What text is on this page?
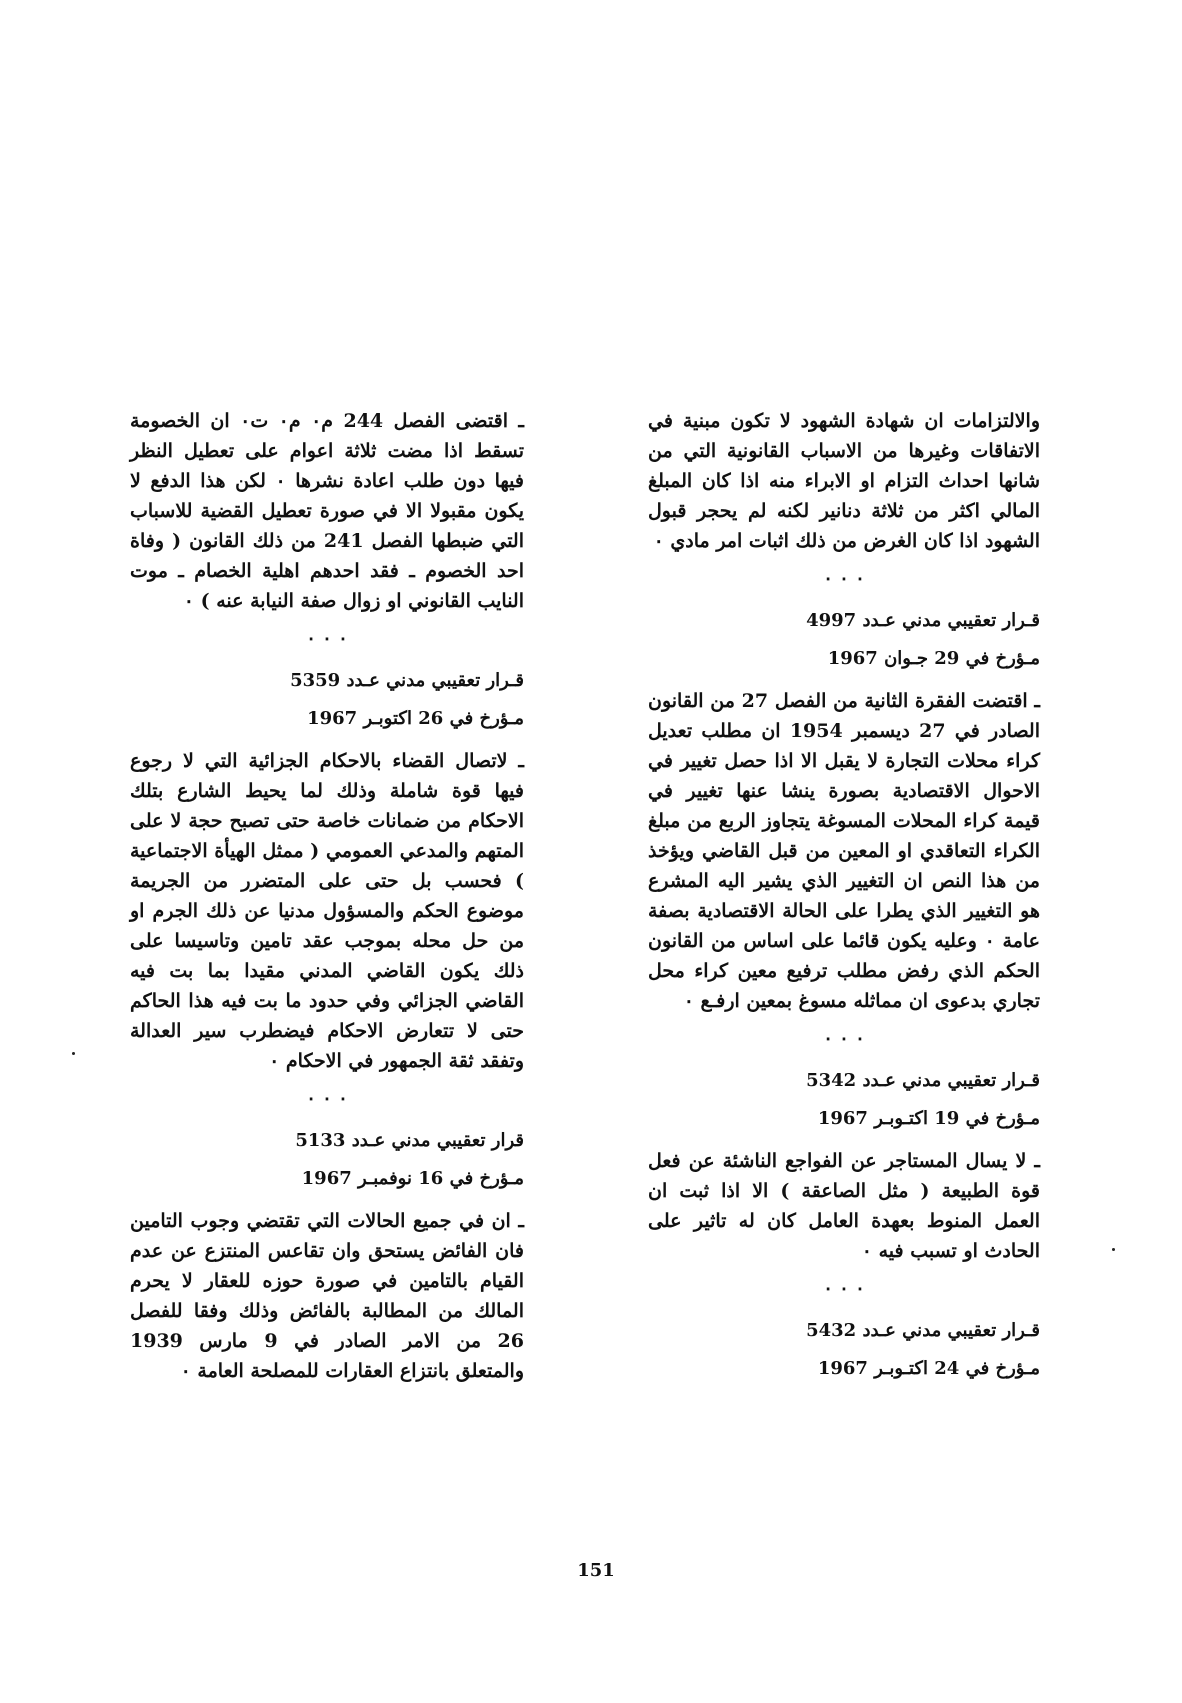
والالتزامات ان شهادة الشهود لا تكون مبنية في الاتفاقات وغيرها من الاسباب القانونية التي من شانها احداث التزام او الابراء منه اذا كان المبلغ المالي اكثر من ثلاثة دنانير لكنه لم يحجر قبول الشهود اذا كان الغرض من ذلك اثبات امر مادي ٠

٠ ٠ ٠

قـرار تعقيبي مدني عـدد 4997

مـؤرخ في 29 جـوان 1967

ـ اقتضت الفقرة الثانية من الفصل 27 من القانون الصادر في 27 ديسمبر 1954 ان مطلب تعديل كراء محلات التجارة لا يقبل الا اذا حصل تغيير في الاحوال الاقتصادية بصورة ينشا عنها تغيير في قيمة كراء المحلات المسوغة يتجاوز الربع من مبلغ الكراء التعاقدي او المعين من قبل القاضي ويؤخذ من هذا النص ان التغيير الذي يشير اليه المشرع هو التغيير الذي يطرا على الحالة الاقتصادية بصفة عامة ٠ وعليه يكون قائما على اساس من القانون الحكم الذي رفض مطلب ترفيع معين كراء محل تجاري بدعوى ان مماثله مسوغ بمعين ارفـع ٠

٠ ٠ ٠

قـرار تعقيبي مدني عـدد 5342

مـؤرخ في 19 اكتـوبـر 1967

ـ لا يسال المستاجر عن الفواجع الناشئة عن فعل قوة الطبيعة ( مثل الصاعقة ) الا اذا ثبت ان العمل المنوط بعهدة العامل كان له تاثير على الحادث او تسبب فيه ٠

٠ ٠ ٠

قـرار تعقيبي مدني عـدد 5432

مـؤرخ في 24 اكتـوبـر 1967

ـ اقتضى الفصل 244 م٠ م٠ ت٠ ان الخصومة تسقط اذا مضت ثلاثة اعوام على تعطيل النظر فيها دون طلب اعادة نشرها ٠ لكن هذا الدفع لا يكون مقبولا الا في صورة تعطيل القضية للاسباب التي ضبطها الفصل 241 من ذلك القانون ( وفاة احد الخصوم ـ فقد احدهم اهلية الخصام ـ موت النايب القانوني او زوال صفة النيابة عنه ) ٠

٠ ٠ ٠

قـرار تعقيبي مدني عـدد 5359

مـؤرخ في 26 اكتوبـر 1967

ـ لاتصال القضاء بالاحكام الجزائية التي لا رجوع فيها قوة شاملة وذلك لما يحيط الشارع بتلك الاحكام من ضمانات خاصة حتى تصبح حجة لا على المتهم والمدعي العمومي ( ممثل الهيأة الاجتماعية ) فحسب بل حتى على المتضرر من الجريمة موضوع الحكم والمسؤول مدنيا عن ذلك الجرم او من حل محله بموجب عقد تامين وتاسيسا على ذلك يكون القاضي المدني مقيدا بما بت فيه القاضي الجزائي وفي حدود ما بت فيه هذا الحاكم حتى لا تتعارض الاحكام فيضطرب سير العدالة وتفقد ثقة الجمهور في الاحكام ٠

٠ ٠ ٠

قرار تعقيبي مدني عـدد 5133

مـؤرخ في 16 نوفمبـر 1967

ـ ان في جميع الحالات التي تقتضي وجوب التامين فان الفائض يستحق وان تقاعس المنتزع عن عدم القيام بالتامين في صورة حوزه للعقار لا يحرم المالك من المطالبة بالفائض وذلك وفقا للفصل 26 من الامر الصادر في 9 مارس 1939 والمتعلق بانتزاع العقارات للمصلحة العامة ٠

151
